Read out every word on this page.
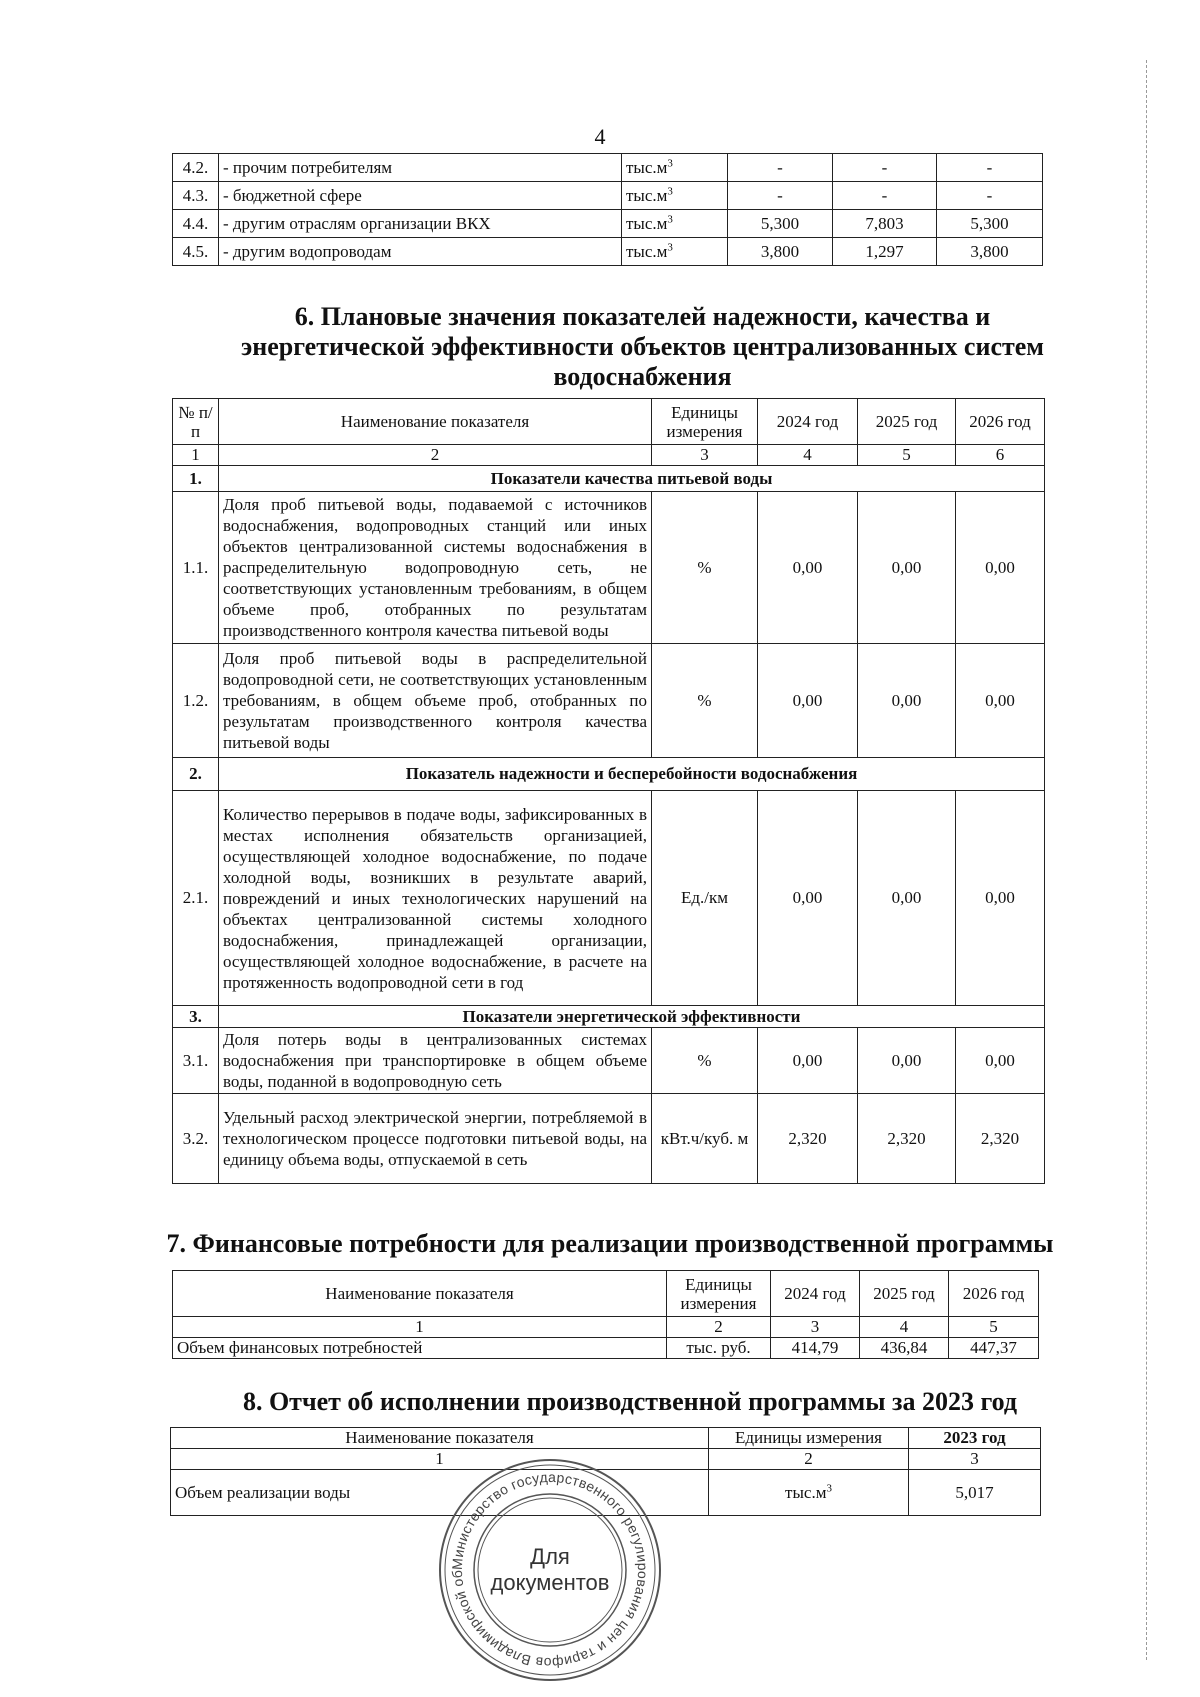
4
4.2.	- прочим потребителям	$тыс.м^3$	-	-	-
4.3.	- бюджетной сфере	$тыс.м^3$	-	-	-
4.4.	- другим отраслям организации ВКХ	$тыс.м^3$	5,300	7,803	5,300
4.5.	- другим водопроводам	$тыс.м^3$	3,800	1,297	3,800
6. Плановые значения показателей надежности, качества и энергетической эффективности объектов централизованных систем водоснабжения
№ п/п	Наименование показателя	Единицы измерения	2024 год	2025 год	2026 год
1	2	3	4	5	6
1.	Показатели качества питьевой воды				
1.1.	Доля проб питьевой воды, подаваемой с источников водоснабжения, водопроводных станций или иных объектов централизованной системы водоснабжения в распределительную водопроводную сеть, не соответствующих установленным требованиям, в общем объеме проб, отобранных по результатам производственного контроля качества питьевой воды	%	0,00	0,00	0,00
1.2.	Доля проб питьевой воды в распределительной водопроводной сети, не соответствующих установленным требованиям, в общем объеме проб, отобранных по результатам производственного контроля качества питьевой воды	%	0,00	0,00	0,00
2.	Показатель надежности и бесперебойности водоснабжения				
2.1.	Количество перерывов в подаче воды, зафиксированных в местах исполнения обязательств организацией, осуществляющей холодное водоснабжение, по подаче холодной воды, возникших в результате аварий, повреждений и иных технологических нарушений на объектах централизованной системы холодного водоснабжения, принадлежащей организации, осуществляющей холодное водоснабжение, в расчете на протяженность водопроводной сети в год	Ед./км	0,00	0,00	0,00
3.	Показатели энергетической эффективности				
3.1.	Доля потерь воды в централизованных системах водоснабжения при транспортировке в общем объеме воды, поданной в водопроводную сеть	%	0,00	0,00	0,00
3.2.	Удельный расход электрической энергии, потребляемой в технологическом процессе подготовки питьевой воды, на единицу объема воды, отпускаемой в сеть	кВт.ч/куб. м	2,320	2,320	2,320
7. Финансовые потребности для реализации производственной программы
Наименование показателя	Единицы измерения	2024 год	2025 год	2026 год
1	2	3	4	5
Объем финансовых потребностей	тыс. руб.	414,79	436,84	447,37
8. Отчет об исполнении производственной программы за 2023 год
Наименование показателя	Единицы измерения	2023 год
1	2	3
Объем реализации воды	$тыс.м^3$	5,017
Министерство государственного регулирования цен и тарифов Владимирской об
Для
документов
